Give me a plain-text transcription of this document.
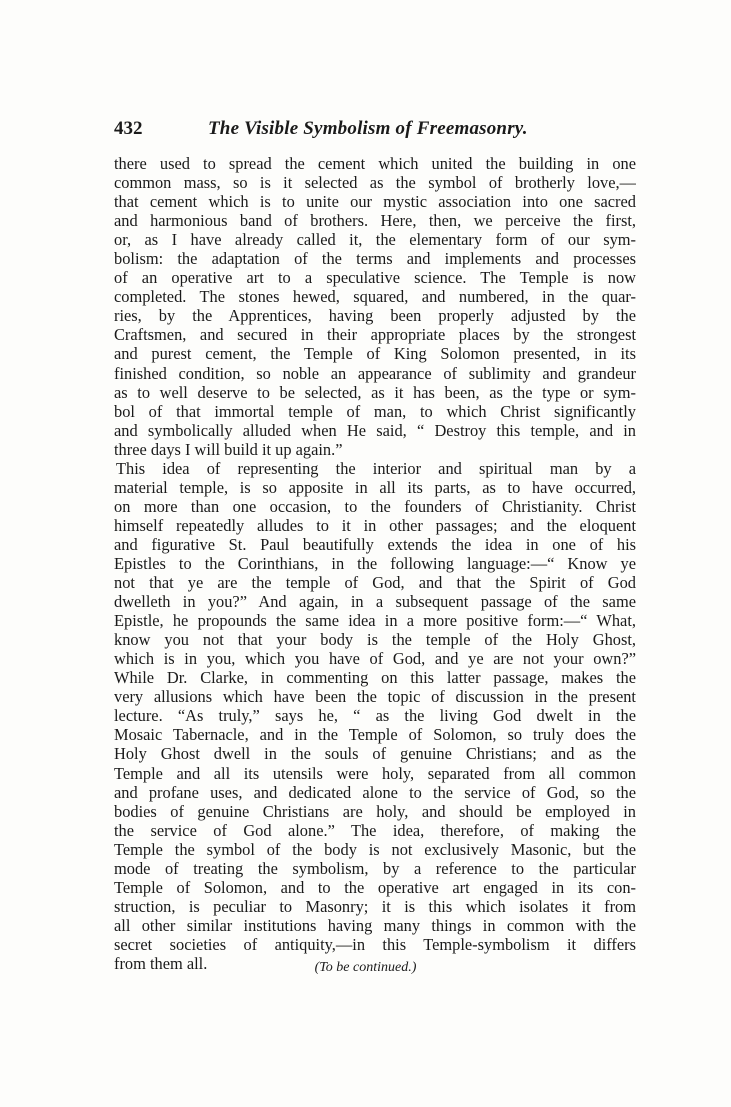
432	The Visible Symbolism of Freemasonry.
there used to spread the cement which united the building in one
common mass, so is it selected as the symbol of brotherly love,—
that cement which is to unite our mystic association into one sacred
and harmonious band of brothers. Here, then, we perceive the first,
or, as I have already called it, the elementary form of our sym-
bolism: the adaptation of the terms and implements and processes
of an operative art to a speculative science. The Temple is now
completed. The stones hewed, squared, and numbered, in the quar-
ries, by the Apprentices, having been properly adjusted by the
Craftsmen, and secured in their appropriate places by the strongest
and purest cement, the Temple of King Solomon presented, in its
finished condition, so noble an appearance of sublimity and grandeur
as to well deserve to be selected, as it has been, as the type or sym-
bol of that immortal temple of man, to which Christ significantly
and symbolically alluded when He said, “ Destroy this temple, and in
three days I will build it up again.”
This idea of representing the interior and spiritual man by a
material temple, is so apposite in all its parts, as to have occurred,
on more than one occasion, to the founders of Christianity. Christ
himself repeatedly alludes to it in other passages; and the eloquent
and figurative St. Paul beautifully extends the idea in one of his
Epistles to the Corinthians, in the following language:—“ Know ye
not that ye are the temple of God, and that the Spirit of God
dwelleth in you?” And again, in a subsequent passage of the same
Epistle, he propounds the same idea in a more positive form:—“ What,
know you not that your body is the temple of the Holy Ghost,
which is in you, which you have of God, and ye are not your own?”
While Dr. Clarke, in commenting on this latter passage, makes the
very allusions which have been the topic of discussion in the present
lecture. “As truly,” says he, “ as the living God dwelt in the
Mosaic Tabernacle, and in the Temple of Solomon, so truly does the
Holy Ghost dwell in the souls of genuine Christians; and as the
Temple and all its utensils were holy, separated from all common
and profane uses, and dedicated alone to the service of God, so the
bodies of genuine Christians are holy, and should be employed in
the service of God alone.” The idea, therefore, of making the
Temple the symbol of the body is not exclusively Masonic, but the
mode of treating the symbolism, by a reference to the particular
Temple of Solomon, and to the operative art engaged in its con-
struction, is peculiar to Masonry; it is this which isolates it from
all other similar institutions having many things in common with the
secret societies of antiquity,—in this Temple-symbolism it differs
from them all.	(To be continued.)
